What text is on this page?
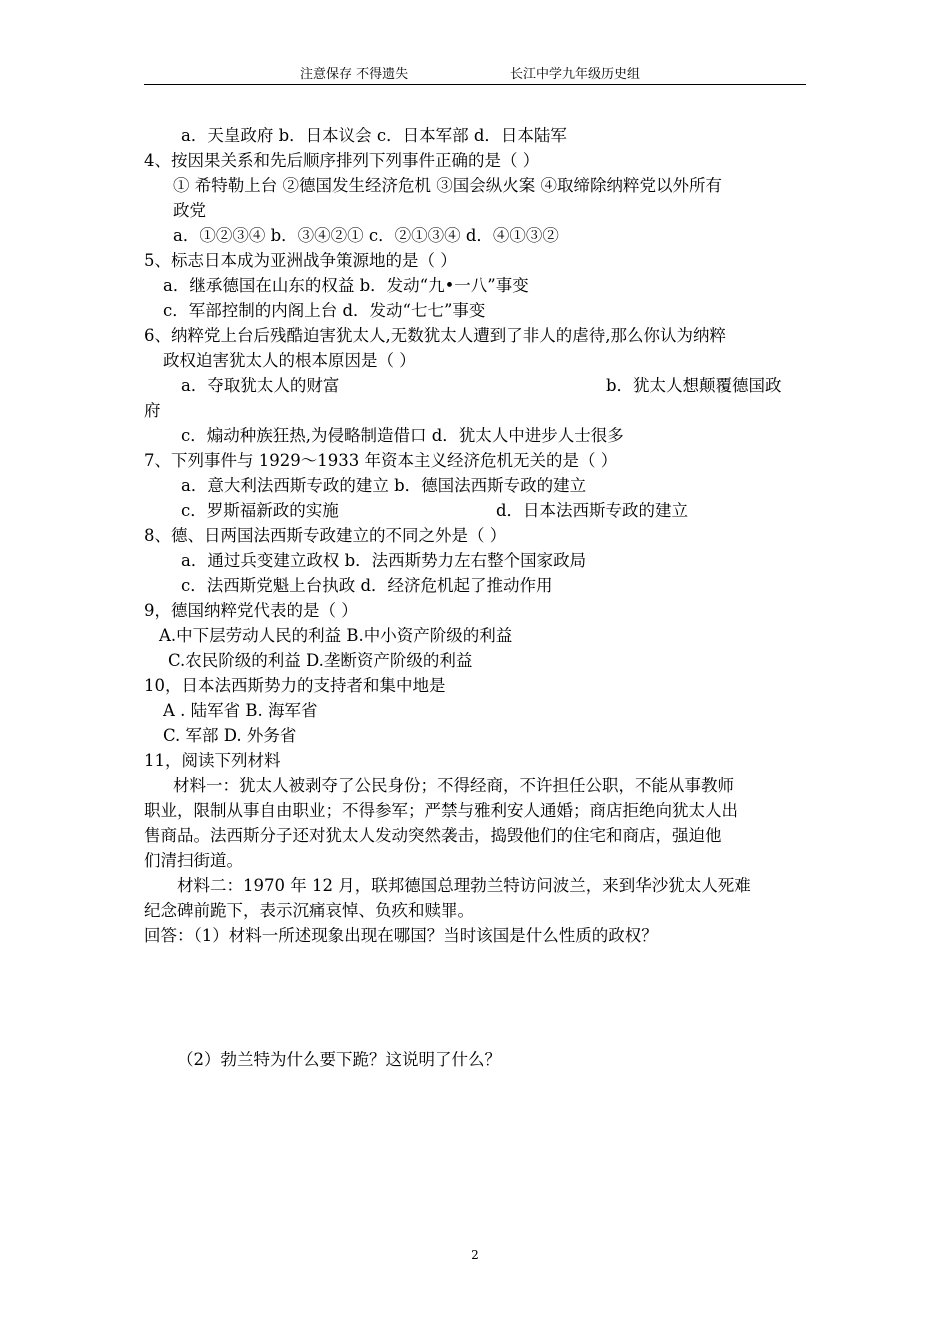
注意保存 不得遗失	长江中学九年级历史组
a．天皇政府 b．日本议会 c．日本军部 d．日本陆军
4、按因果关系和先后顺序排列下列事件正确的是（ ）
① 希特勒上台 ②德国发生经济危机 ③国会纵火案 ④取缔除纳粹党以外所有
政党
a．①②③④ b．③④②① c．②①③④ d．④①③②
5、标志日本成为亚洲战争策源地的是（ ）
a．继承德国在山东的权益 b．发动“九•一八”事变
c．军部控制的内阁上台 d．发动“七七”事变
6、纳粹党上台后残酷迫害犹太人,无数犹太人遭到了非人的虐待,那么你认为纳粹
政权迫害犹太人的根本原因是（ ）
a．夺取犹太人的财富	b．犹太人想颠覆德国政
府
c．煽动种族狂热,为侵略制造借口 d．犹太人中进步人士很多
7、下列事件与 1929～1933 年资本主义经济危机无关的是（ ）
a．意大利法西斯专政的建立 b．德国法西斯专政的建立
c．罗斯福新政的实施	d．日本法西斯专政的建立
8、德、日两国法西斯专政建立的不同之外是（ ）
a．通过兵变建立政权 b．法西斯势力左右整个国家政局
c．法西斯党魁上台执政 d．经济危机起了推动作用
9，德国纳粹党代表的是（ ）
A.中下层劳动人民的利益 B.中小资产阶级的利益
C.农民阶级的利益 D.垄断资产阶级的利益
10，日本法西斯势力的支持者和集中地是
A . 陆军省 B. 海军省
C. 军部 D. 外务省
11，阅读下列材料
材料一：犹太人被剥夺了公民身份；不得经商，不许担任公职，不能从事教师
职业，限制从事自由职业；不得参军；严禁与雅利安人通婚；商店拒绝向犹太人出
售商品。法西斯分子还对犹太人发动突然袭击，捣毁他们的住宅和商店，强迫他
们清扫街道。
材料二：1970 年 12 月，联邦德国总理勃兰特访问波兰，来到华沙犹太人死难
纪念碑前跪下，表示沉痛哀悼、负疚和赎罪。
回答：（1）材料一所述现象出现在哪国？当时该国是什么性质的政权？
（2）勃兰特为什么要下跪？这说明了什么？
2
